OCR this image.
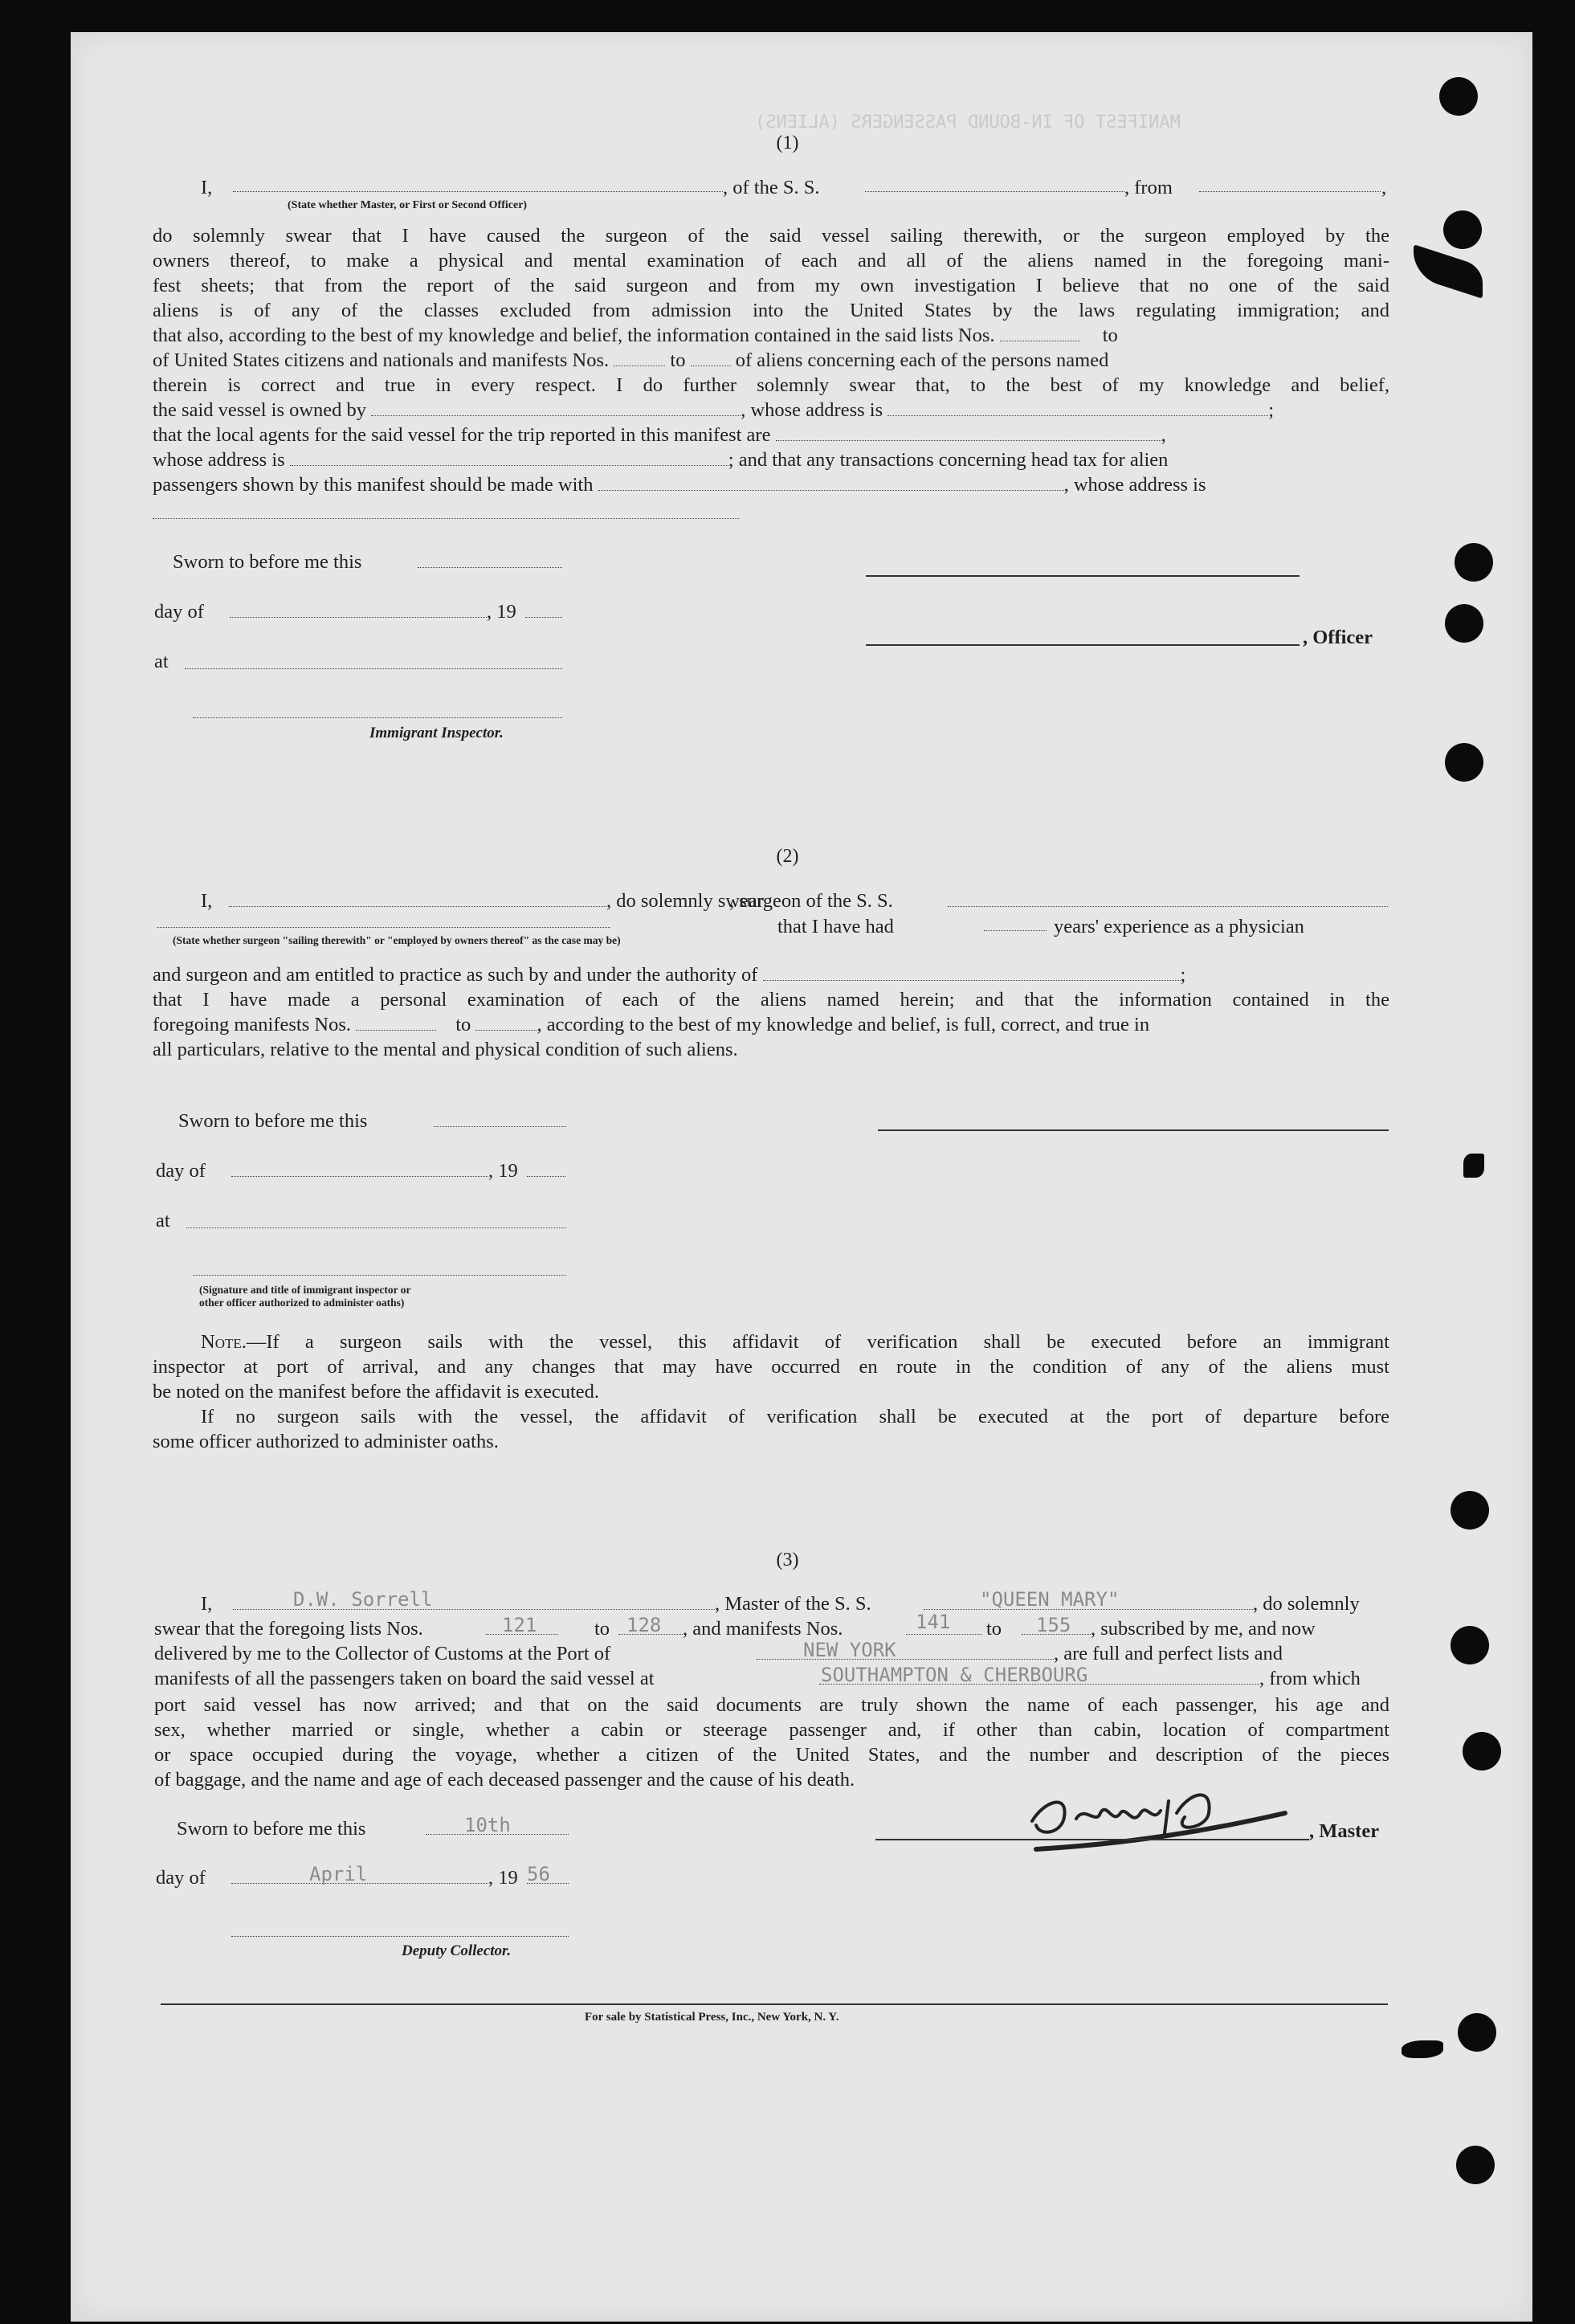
MANIFEST OF IN-BOUND PASSENGERS (ALIENS)
(1)
I,
(State whether Master, or First or Second Officer)
, of the S. S.	, from	,
do solemnly swear that I have caused the surgeon of the said vessel sailing therewith, or the surgeon employed by the
owners thereof, to make a physical and mental examination of each and all of the aliens named in the foregoing mani-
fest sheets; that from the report of the said surgeon and from my own investigation I believe that no one of the said
aliens is of any of the classes excluded from admission into the United States by the laws regulating immigration; and
that also, according to the best of my knowledge and belief, the information contained in the said lists Nos.	to
of United States citizens and nationals and manifests Nos.	to	of aliens concerning each of the persons named
therein is correct and true in every respect. I do further solemnly swear that, to the best of my knowledge and belief,
the said vessel is owned by	, whose address is	;
that the local agents for the said vessel for the trip reported in this manifest are	,
whose address is	; and that any transactions concerning head tax for alien
passengers shown by this manifest should be made with	, whose address is
Sworn to before me this
day of	, 19
, Officer
at
Immigrant Inspector.
(2)
I,	, do solemnly swear
, surgeon of the S. S.
(State whether surgeon "sailing therewith" or "employed by owners thereof" as the case may be)
that I have had	years' experience as a physician
and surgeon and am entitled to practice as such by and under the authority of	;
that I have made a personal examination of each of the aliens named herein; and that the information contained in the
foregoing manifests Nos.	to	, according to the best of my knowledge and belief, is full, correct, and true in
all particulars, relative to the mental and physical condition of such aliens.
Sworn to before me this
day of	, 19
at
(Signature and title of immigrant inspector or
other officer authorized to administer oaths)
Note.—If a surgeon sails with the vessel, this affidavit of verification shall be executed before an immigrant
inspector at port of arrival, and any changes that may have occurred en route in the condition of any of the aliens must
be noted on the manifest before the affidavit is executed.
If no surgeon sails with the vessel, the affidavit of verification shall be executed at the port of departure before
some officer authorized to administer oaths.
(3)
I,	D.W. Sorrell	, Master of the S. S.	"QUEEN MARY"	, do solemnly
swear that the foregoing lists Nos.	121	to 128 , and manifests Nos.	141 to 155 , subscribed by me, and now
delivered by me to the Collector of Customs at the Port of	NEW YORK	, are full and perfect lists and
manifests of all the passengers taken on board the said vessel at	SOUTHAMPTON & CHERBOURG	, from which
port said vessel has now arrived; and that on the said documents are truly shown the name of each passenger, his age and
sex, whether married or single, whether a cabin or steerage passenger and, if other than cabin, location of compartment
or space occupied during the voyage, whether a citizen of the United States, and the number and description of the pieces
of baggage, and the name and age of each deceased passenger and the cause of his death.
Sworn to before me this	10th	, Master
day of	April	, 19 56
Deputy Collector.
For sale by Statistical Press, Inc., New York, N. Y.
